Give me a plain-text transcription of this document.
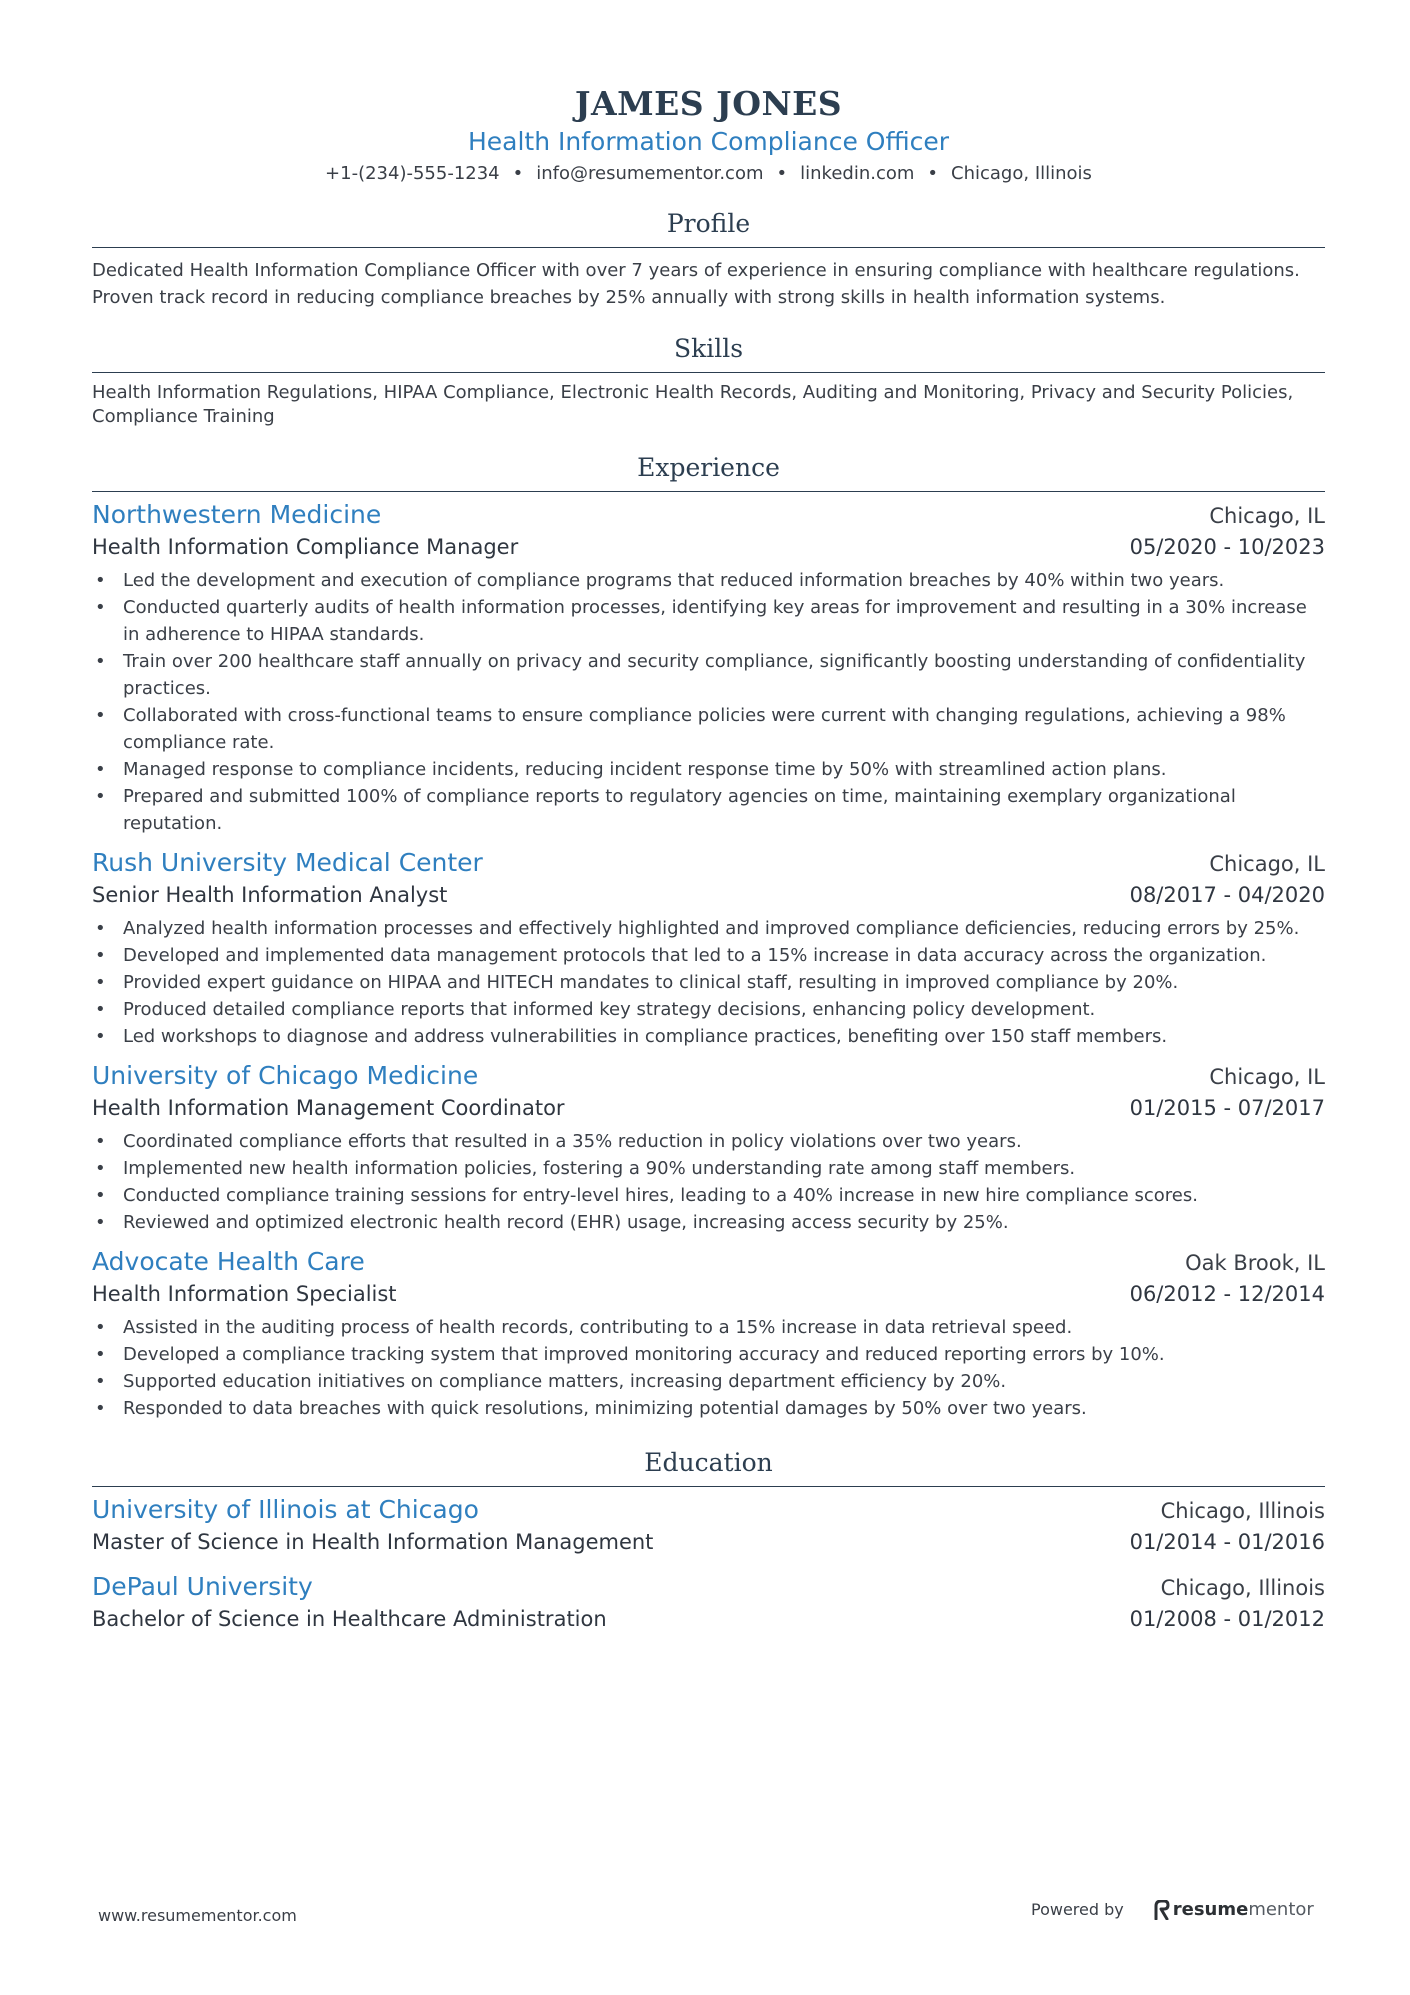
JAMES JONES
Health Information Compliance Officer
+1-(234)-555-1234 • info@resumementor.com • linkedin.com • Chicago, Illinois
Profile
Dedicated Health Information Compliance Officer with over 7 years of experience in ensuring compliance with healthcare regulations. Proven track record in reducing compliance breaches by 25% annually with strong skills in health information systems.
Skills
Health Information Regulations, HIPAA Compliance, Electronic Health Records, Auditing and Monitoring, Privacy and Security Policies, Compliance Training
Experience
Northwestern Medicine	Chicago, IL
Health Information Compliance Manager	05/2020 - 10/2023
• Led the development and execution of compliance programs that reduced information breaches by 40% within two years.
• Conducted quarterly audits of health information processes, identifying key areas for improvement and resulting in a 30% increase in adherence to HIPAA standards.
• Train over 200 healthcare staff annually on privacy and security compliance, significantly boosting understanding of confidentiality practices.
• Collaborated with cross-functional teams to ensure compliance policies were current with changing regulations, achieving a 98% compliance rate.
• Managed response to compliance incidents, reducing incident response time by 50% with streamlined action plans.
• Prepared and submitted 100% of compliance reports to regulatory agencies on time, maintaining exemplary organizational reputation.
Rush University Medical Center	Chicago, IL
Senior Health Information Analyst	08/2017 - 04/2020
• Analyzed health information processes and effectively highlighted and improved compliance deficiencies, reducing errors by 25%.
• Developed and implemented data management protocols that led to a 15% increase in data accuracy across the organization.
• Provided expert guidance on HIPAA and HITECH mandates to clinical staff, resulting in improved compliance by 20%.
• Produced detailed compliance reports that informed key strategy decisions, enhancing policy development.
• Led workshops to diagnose and address vulnerabilities in compliance practices, benefiting over 150 staff members.
University of Chicago Medicine	Chicago, IL
Health Information Management Coordinator	01/2015 - 07/2017
• Coordinated compliance efforts that resulted in a 35% reduction in policy violations over two years.
• Implemented new health information policies, fostering a 90% understanding rate among staff members.
• Conducted compliance training sessions for entry-level hires, leading to a 40% increase in new hire compliance scores.
• Reviewed and optimized electronic health record (EHR) usage, increasing access security by 25%.
Advocate Health Care	Oak Brook, IL
Health Information Specialist	06/2012 - 12/2014
• Assisted in the auditing process of health records, contributing to a 15% increase in data retrieval speed.
• Developed a compliance tracking system that improved monitoring accuracy and reduced reporting errors by 10%.
• Supported education initiatives on compliance matters, increasing department efficiency by 20%.
• Responded to data breaches with quick resolutions, minimizing potential damages by 50% over two years.
Education
University of Illinois at Chicago	Chicago, Illinois
Master of Science in Health Information Management	01/2014 - 01/2016
DePaul University	Chicago, Illinois
Bachelor of Science in Healthcare Administration	01/2008 - 01/2012
www.resumementor.com	Powered by	resume mentor
